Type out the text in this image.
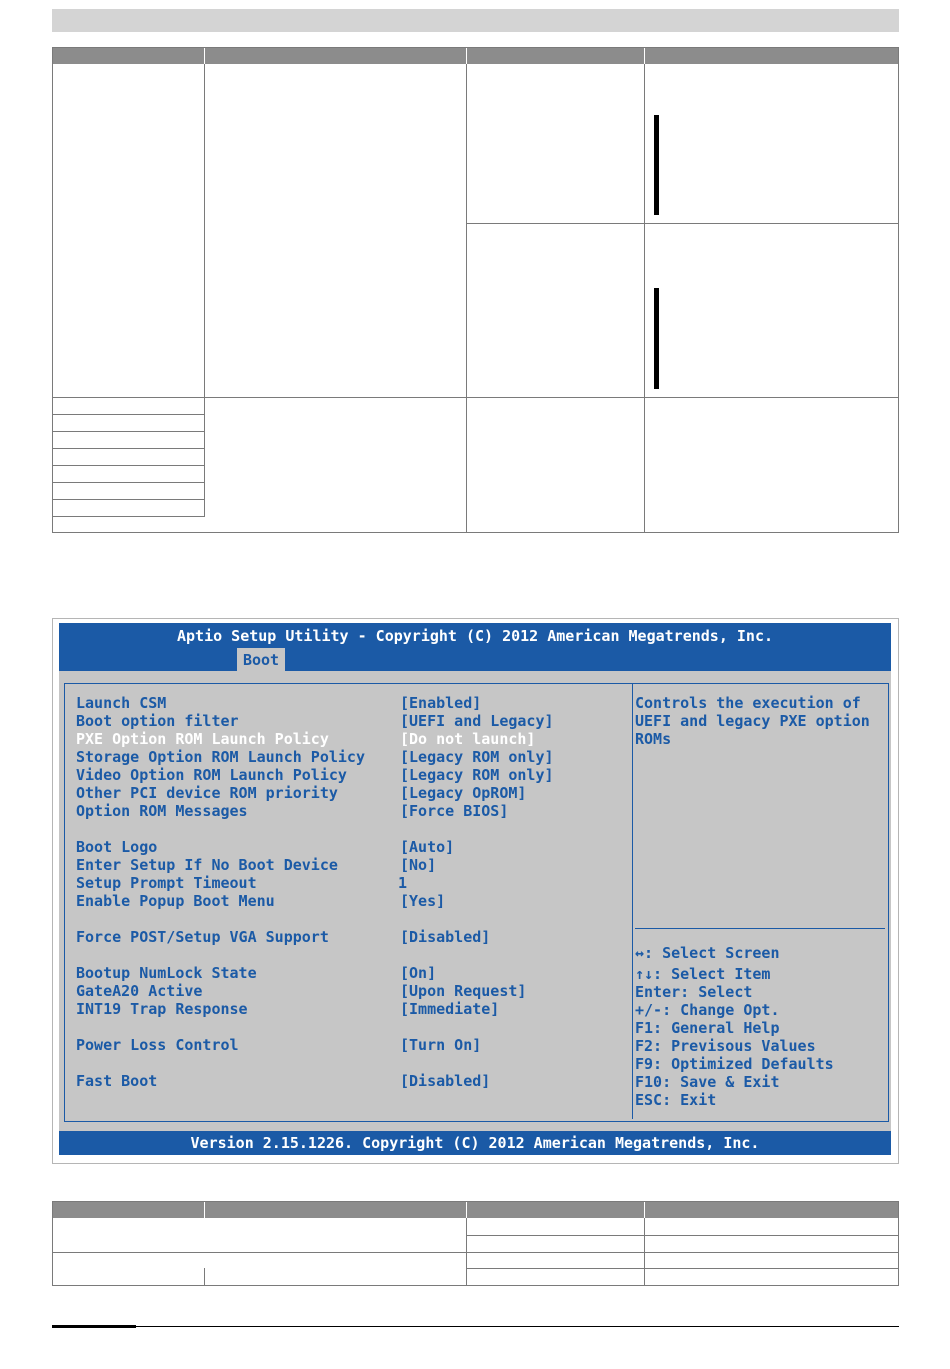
Aptio Setup Utility - Copyright (C) 2012 American Megatrends, Inc.
Boot
Launch CSM
Boot option filter
PXE Option ROM Launch Policy
Storage Option ROM Launch Policy
Video Option ROM Launch Policy
Other PCI device ROM priority
Option ROM Messages
Boot Logo
Enter Setup If No Boot Device
Setup Prompt Timeout
Enable Popup Boot Menu
Force POST/Setup VGA Support
Bootup NumLock State
GateA20 Active
INT19 Trap Response
Power Loss Control
Fast Boot
[Enabled]
[UEFI and Legacy]
[Do not launch]
[Legacy ROM only]
[Legacy ROM only]
[Legacy OpROM]
[Force BIOS]
[Auto]
[No]
1
[Yes]
[Disabled]
[On]
[Upon Request]
[Immediate]
[Turn On]
[Disabled]
Controls the execution of
UEFI and legacy PXE option
ROMs
↔: Select Screen
↑↓: Select Item
Enter: Select
+/-: Change Opt.
F1: General Help
F2: Previsous Values
F9: Optimized Defaults
F10: Save & Exit
ESC: Exit
Version 2.15.1226. Copyright (C) 2012 American Megatrends, Inc.
